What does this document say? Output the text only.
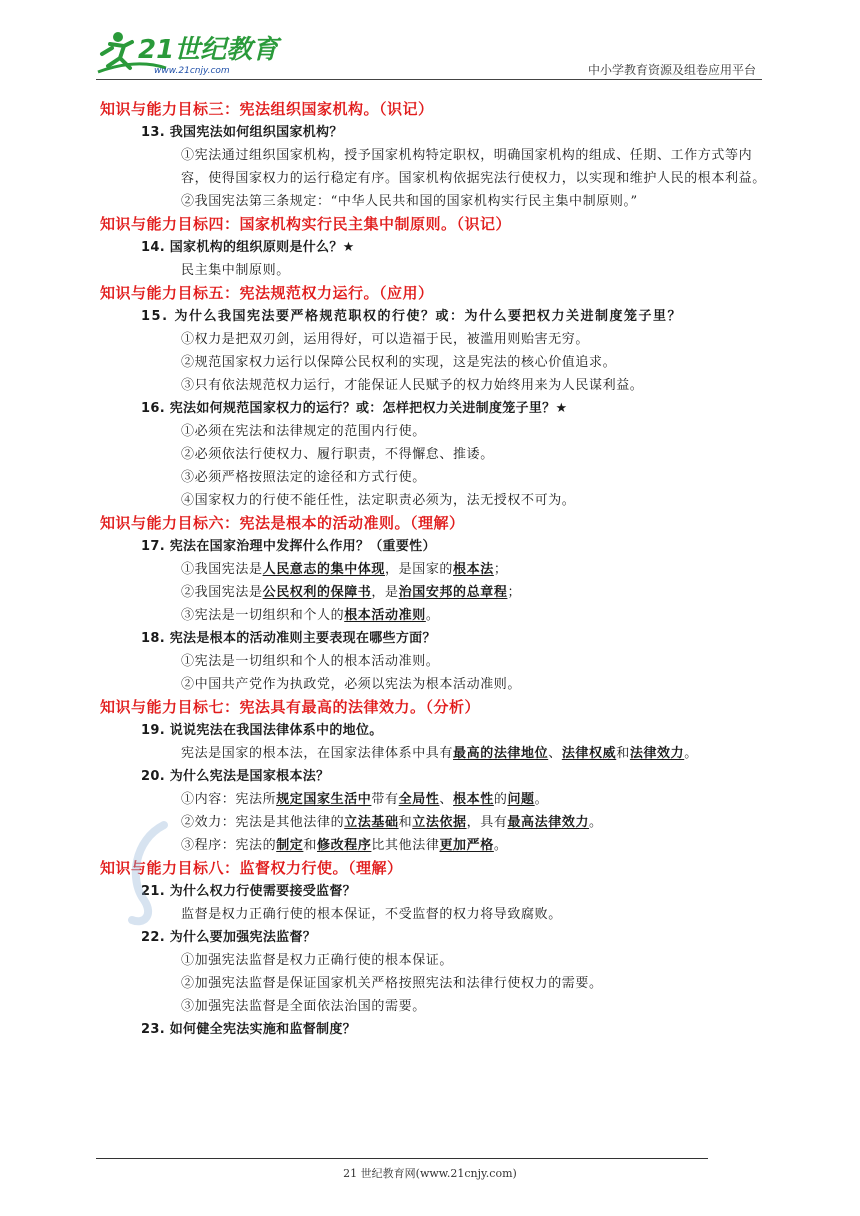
21世纪教育
www.21cnjy.com	中小学教育资源及组卷应用平台
知识与能力目标三：宪法组织国家机构。（识记）
13. 我国宪法如何组织国家机构？
①宪法通过组织国家机构，授予国家机构特定职权，明确国家机构的组成、任期、工作方式等内容，使得国家权力的运行稳定有序。国家机构依据宪法行使权力，以实现和维护人民的根本利益。
②我国宪法第三条规定：“中华人民共和国的国家机构实行民主集中制原则。”
知识与能力目标四：国家机构实行民主集中制原则。（识记）
14. 国家机构的组织原则是什么？★
民主集中制原则。
知识与能力目标五：宪法规范权力运行。（应用）
15. 为什么我国宪法要严格规范职权的行使？或：为什么要把权力关进制度笼子里？
①权力是把双刃剑，运用得好，可以造福于民，被滥用则贻害无穷。
②规范国家权力运行以保障公民权利的实现，这是宪法的核心价值追求。
③只有依法规范权力运行，才能保证人民赋予的权力始终用来为人民谋利益。
16. 宪法如何规范国家权力的运行？或：怎样把权力关进制度笼子里？★
①必须在宪法和法律规定的范围内行使。
②必须依法行使权力、履行职责，不得懈怠、推诿。
③必须严格按照法定的途径和方式行使。
④国家权力的行使不能任性，法定职责必须为，法无授权不可为。
知识与能力目标六：宪法是根本的活动准则。（理解）
17. 宪法在国家治理中发挥什么作用？（重要性）
①我国宪法是人民意志的集中体现，是国家的根本法；
②我国宪法是公民权利的保障书，是治国安邦的总章程；
③宪法是一切组织和个人的根本活动准则。
18. 宪法是根本的活动准则主要表现在哪些方面？
①宪法是一切组织和个人的根本活动准则。
②中国共产党作为执政党，必须以宪法为根本活动准则。
知识与能力目标七：宪法具有最高的法律效力。（分析）
19. 说说宪法在我国法律体系中的地位。
宪法是国家的根本法，在国家法律体系中具有最高的法律地位、法律权威和法律效力。
20. 为什么宪法是国家根本法？
①内容：宪法所规定国家生活中带有全局性、根本性的问题。
②效力：宪法是其他法律的立法基础和立法依据，具有最高法律效力。
③程序：宪法的制定和修改程序比其他法律更加严格。
知识与能力目标八：监督权力行使。（理解）
21. 为什么权力行使需要接受监督？
监督是权力正确行使的根本保证，不受监督的权力将导致腐败。
22. 为什么要加强宪法监督？
①加强宪法监督是权力正确行使的根本保证。
②加强宪法监督是保证国家机关严格按照宪法和法律行使权力的需要。
③加强宪法监督是全面依法治国的需要。
23. 如何健全宪法实施和监督制度？
21 世纪教育网(www.21cnjy.com)
